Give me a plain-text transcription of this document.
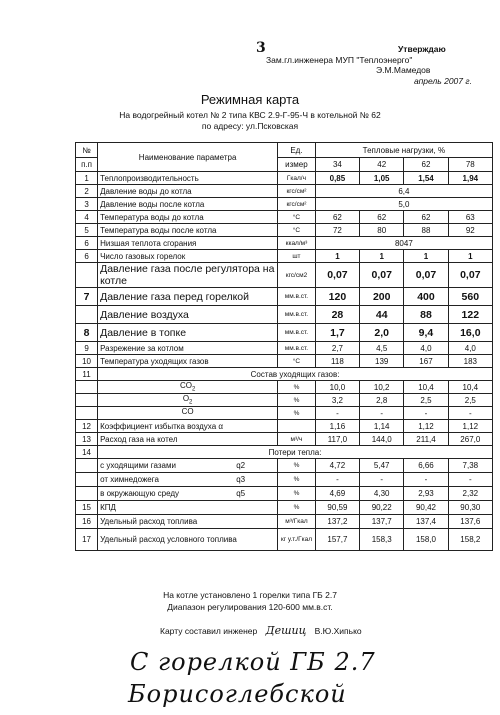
3	Утверждаю
Зам.гл.инженера МУП "Теплоэнерго"
Э.М.Мамедов
апрель 2007 г.
Режимная карта
На водогрейный котел № 2 типа КВС 2.9-Г-95-Ч в котельной № 62
по адресу: ул.Псковская
№	Наименование параметра	Ед.	Тепловые нагрузки, %			
п.п		измер	34	42	62	78
1	Теплопроизводительность	Гкал/ч	0,85	1,05	1,54	1,94
2	Давление воды до котла	кгс/см²	6,4			
3	Давление воды после котла	кгс/см²	5,0			
4	Температура воды до котла	°С	62	62	62	63
5	Температура воды после котла	°С	72	80	88	92
6	Низшая теплота сгорания	ккал/м³	8047			
6	Число газовых горелок	шт	1	1	1	1
	Давление газа после регулятора на котле	кгс/см2	0,07	0,07	0,07	0,07
7	Давление газа перед горелкой	мм.в.ст.	120	200	400	560
	Давление воздуха	мм.в.ст.	28	44	88	122
8	Давление в топке	мм.в.ст.	1,7	2,0	9,4	16,0
9	Разрежение за котлом	мм.в.ст.	2,7	4,5	4,0	4,0
10	Температура уходящих газов	°С	118	139	167	183
11	Состав уходящих газов:					
	$CO_2$	%	10,0	10,2	10,4	10,4
	$O_2$	%	3,2	2,8	2,5	2,5
	CO	%	-	-	-	-
12	Коэффициент избытка воздуха α		1,16	1,14	1,12	1,12
13	Расход газа на котел	м³/ч	117,0	144,0	211,4	267,0
14	Потери тепла:					
	с уходящими газами q2	%	4,72	5,47	6,66	7,38
	от химнедожега q3	%	-	-	-	-
	в окружающую среду q5	%	4,69	4,30	2,93	2,32
15	КПД	%	90,59	90,22	90,42	90,30
16	Удельный расход топлива	м³/Гкал	137,2	137,7	137,4	137,6
17	Удельный расход условного топлива	кг у.т./Гкал	157,7	158,3	158,0	158,2
На котле установлено 1 горелки типа ГБ 2.7
Диапазон регулирования 120-600 мм.в.ст.
Карту составил инженер Дешиц В.Ю.Хипько
С горелкой ГБ 2.7
Борисоглебской
